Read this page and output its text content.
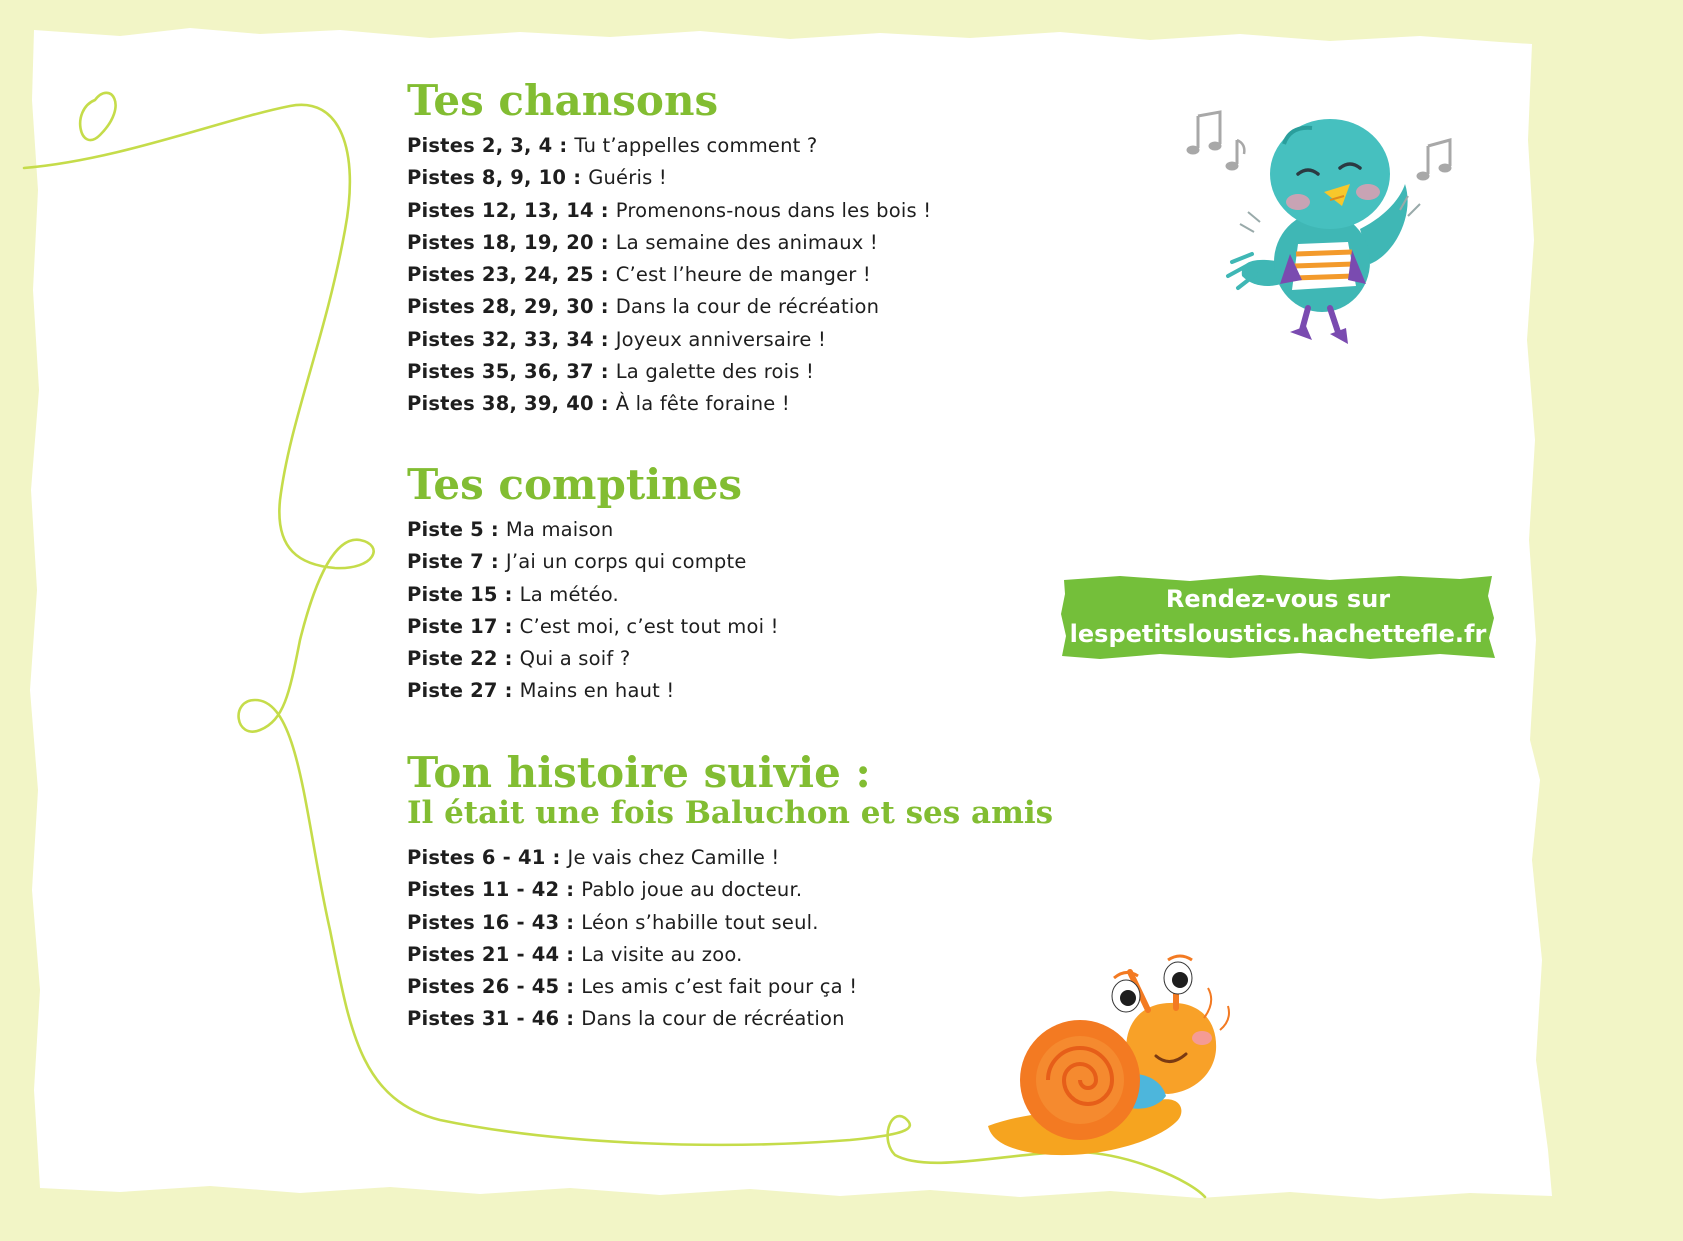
Tes chansons
Pistes 2, 3, 4 : Tu t’appelles comment ?
Pistes 8, 9, 10 : Guéris !
Pistes 12, 13, 14 : Promenons-nous dans les bois !
Pistes 18, 19, 20 : La semaine des animaux !
Pistes 23, 24, 25 : C’est l’heure de manger !
Pistes 28, 29, 30 : Dans la cour de récréation
Pistes 32, 33, 34 : Joyeux anniversaire !
Pistes 35, 36, 37 : La galette des rois !
Pistes 38, 39, 40 : À la fête foraine !
Tes comptines
Piste 5 : Ma maison
Piste 7 : J’ai un corps qui compte
Piste 15 : La météo.
Piste 17 : C’est moi, c’est tout moi !
Piste 22 : Qui a soif ?
Piste 27 : Mains en haut !
Ton histoire suivie :
Il était une fois Baluchon et ses amis
Pistes 6 - 41 : Je vais chez Camille !
Pistes 11 - 42 : Pablo joue au docteur.
Pistes 16 - 43 : Léon s’habille tout seul.
Pistes 21 - 44 : La visite au zoo.
Pistes 26 - 45 : Les amis c’est fait pour ça !
Pistes 31 - 46 : Dans la cour de récréation
Rendez-vous sur
lespetitsloustics.hachettefle.fr
